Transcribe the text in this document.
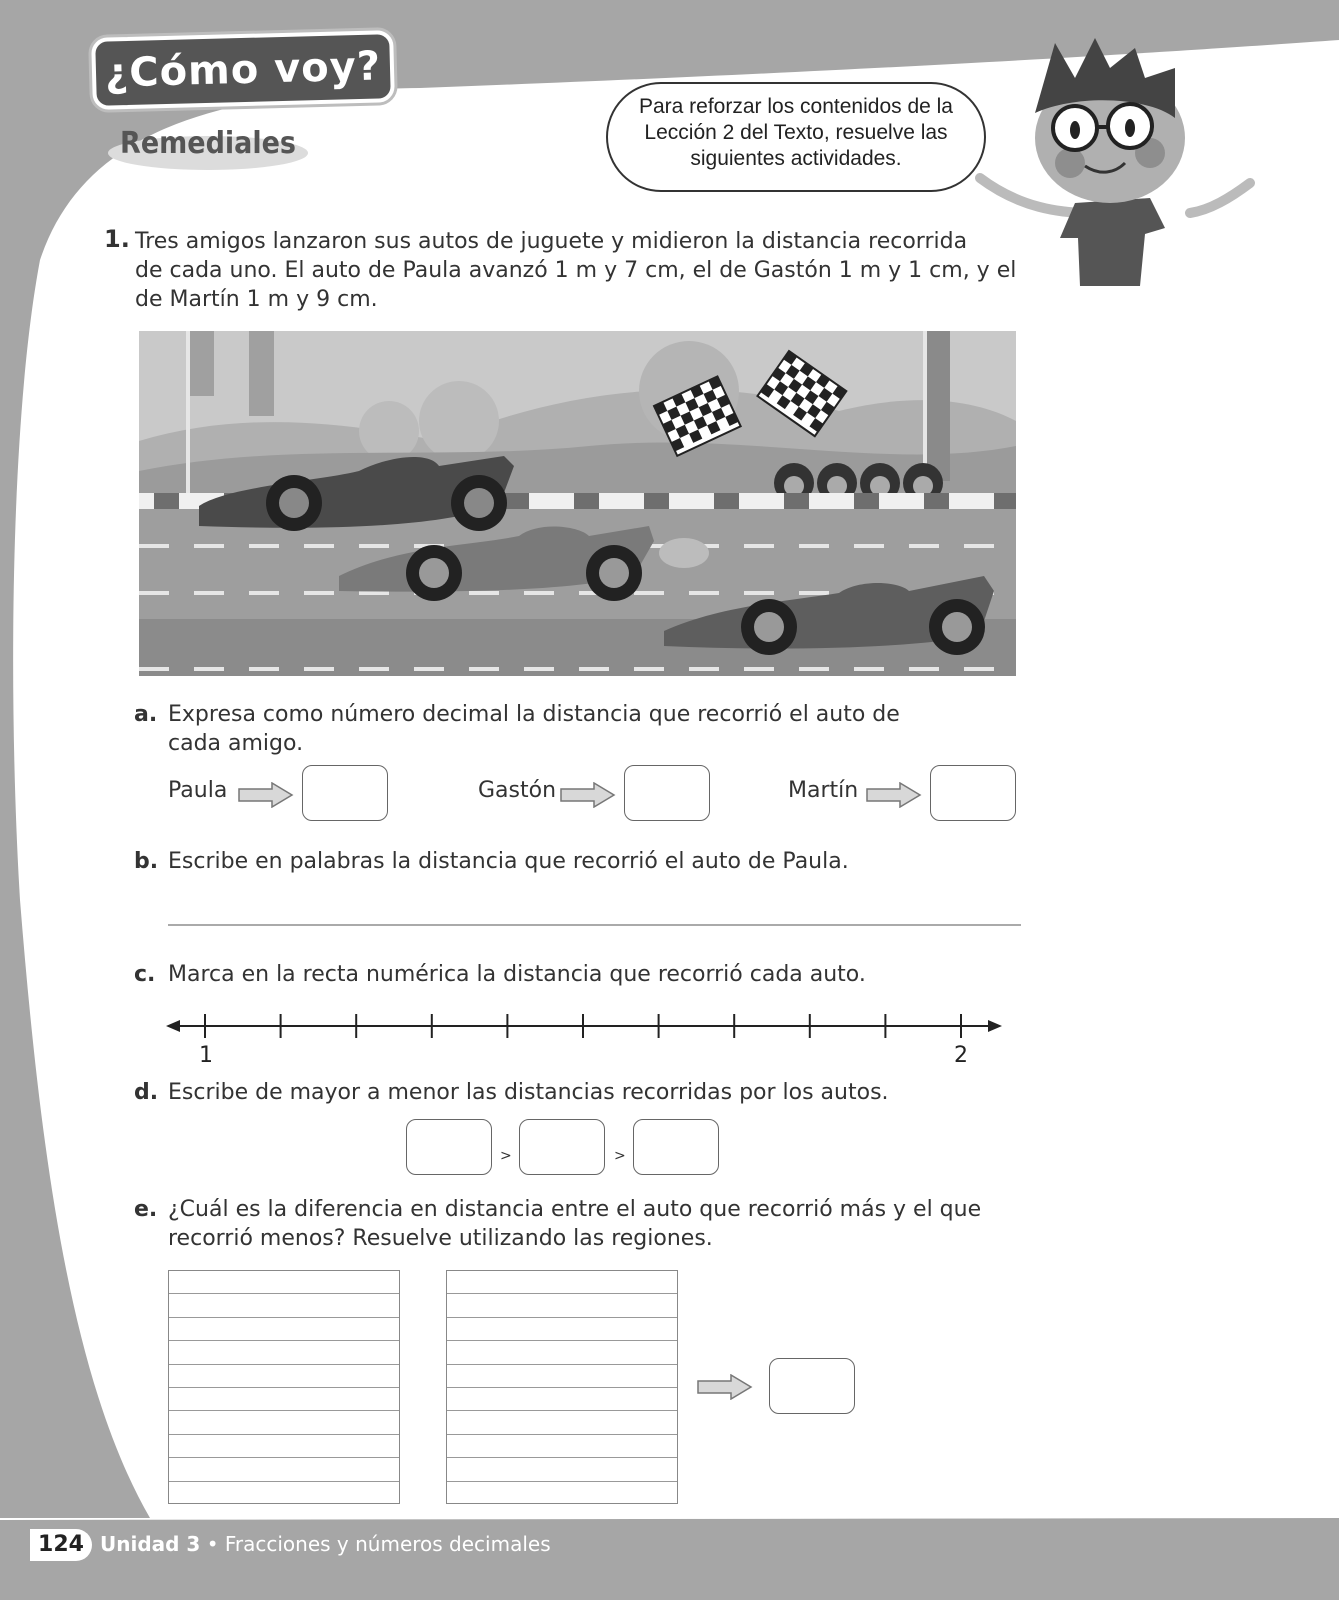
¿Cómo voy?
Remediales
Para reforzar los contenidos de la
Lección 2 del Texto, resuelve las
siguientes actividades.
1. Tres amigos lanzaron sus autos de juguete y midieron la distancia recorrida
de cada uno. El auto de Paula avanzó 1 m y 7 cm, el de Gastón 1 m y 1 cm, y el
de Martín 1 m y 9 cm.
a. Expresa como número decimal la distancia que recorrió el auto de
cada amigo.
Paula	Gastón	Martín
b. Escribe en palabras la distancia que recorrió el auto de Paula.
c. Marca en la recta numérica la distancia que recorrió cada auto.
1	2
d. Escribe de mayor a menor las distancias recorridas por los autos.
>	>
e. ¿Cuál es la diferencia en distancia entre el auto que recorrió más y el que
recorrió menos? Resuelve utilizando las regiones.
124 Unidad 3 • Fracciones y números decimales
